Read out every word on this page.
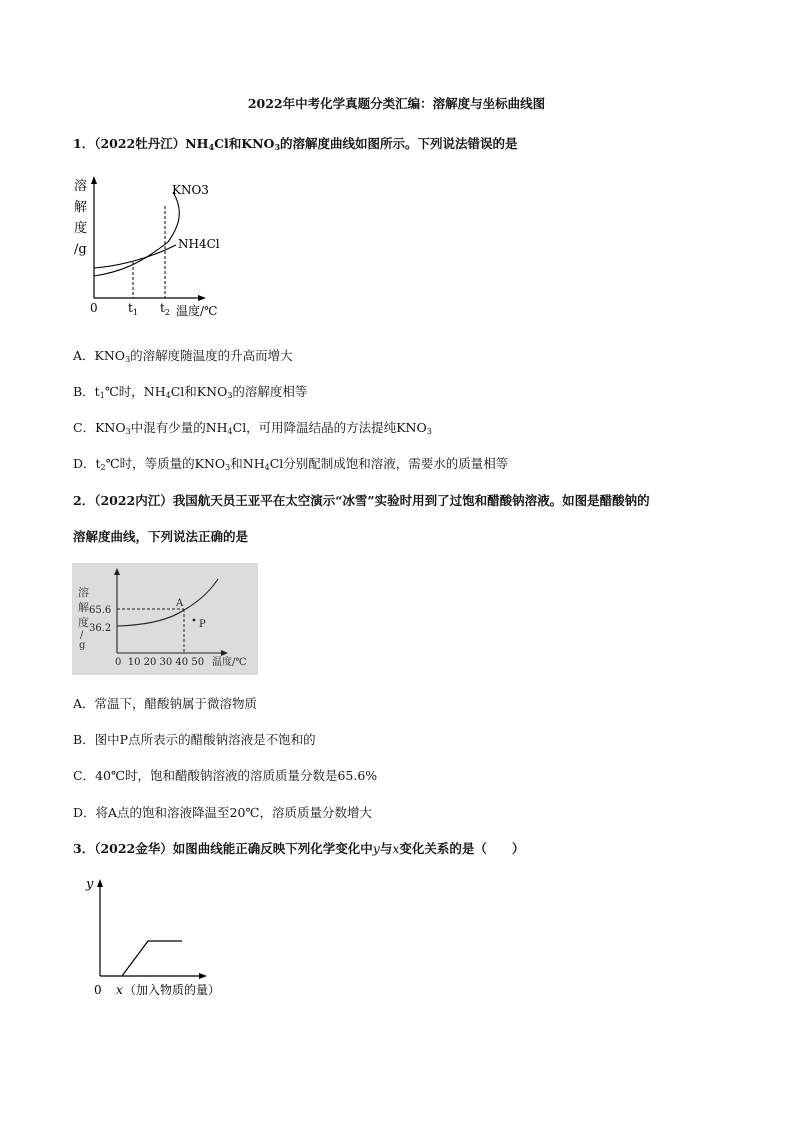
2022年中考化学真题分类汇编：溶解度与坐标曲线图
1．（2022牡丹江）$NH_4Cl$和$KNO_3$的溶解度曲线如图所示。下列说法错误的是
溶
解
度
/g
KNO3
NH4Cl
0	$t_1$ $t_2$ 温度/℃
A．$KNO_3$的溶解度随温度的升高而增大
B．$t_1℃$时，$NH_4Cl$和$KNO_3$的溶解度相等
C．$KNO_3$中混有少量的$NH_4Cl$，可用降温结晶的方法提纯$KNO_3$
D．$t_2℃$时，等质量的$KNO_3$和$NH_4Cl$分别配制成饱和溶液，需要水的质量相等
2．（2022内江）我国航天员王亚平在太空演示“冰雪”实验时用到了过饱和醋酸钠溶液。如图是醋酸钠的
溶解度曲线，下列说法正确的是
溶
解
度
/
g
65.6
36.2
A
P
0  10 20 30 40 50 温度/℃
A．常温下，醋酸钠属于微溶物质
B．图中P点所表示的醋酸钠溶液是不饱和的
C．40℃时，饱和醋酸钠溶液的溶质质量分数是65.6%
D．将A点的饱和溶液降温至20℃，溶质质量分数增大
3．（2022金华）如图曲线能正确反映下列化学变化中y与x变化关系的是（　　）
y
0 x （加入物质的量）
